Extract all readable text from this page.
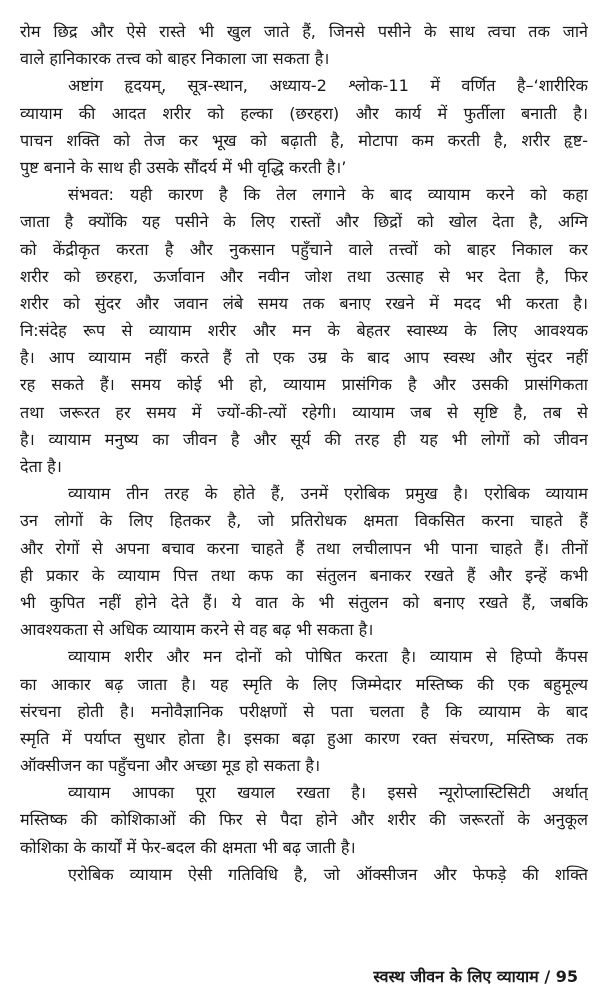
रोम छिद्र और ऐसे रास्ते भी खुल जाते हैं, जिनसे पसीने के साथ त्वचा तक जाने
वाले हानिकारक तत्त्व को बाहर निकाला जा सकता है।
अष्टांग हृदयम्, सूत्र-स्थान, अध्याय-2 श्लोक-11 में वर्णित है–‘शारीरिक
व्यायाम की आदत शरीर को हल्का (छरहरा) और कार्य में फुर्तीला बनाती है।
पाचन शक्ति को तेज कर भूख को बढ़ाती है, मोटापा कम करती है, शरीर हृष्ट-
पुष्ट बनाने के साथ ही उसके सौंदर्य में भी वृद्धि करती है।’
संभवत: यही कारण है कि तेल लगाने के बाद व्यायाम करने को कहा
जाता है क्योंकि यह पसीने के लिए रास्तों और छिद्रों को खोल देता है, अग्नि
को केंद्रीकृत करता है और नुकसान पहुँचाने वाले तत्त्वों को बाहर निकाल कर
शरीर को छरहरा, ऊर्जावान और नवीन जोश तथा उत्साह से भर देता है, फिर
शरीर को सुंदर और जवान लंबे समय तक बनाए रखने में मदद भी करता है।
नि:संदेह रूप से व्यायाम शरीर और मन के बेहतर स्वास्थ्य के लिए आवश्यक
है। आप व्यायाम नहीं करते हैं तो एक उम्र के बाद आप स्वस्थ और सुंदर नहीं
रह सकते हैं। समय कोई भी हो, व्यायाम प्रासंगिक है और उसकी प्रासंगिकता
तथा जरूरत हर समय में ज्यों-की-त्यों रहेगी। व्यायाम जब से सृष्टि है, तब से
है। व्यायाम मनुष्य का जीवन है और सूर्य की तरह ही यह भी लोगों को जीवन
देता है।
व्यायाम तीन तरह के होते हैं, उनमें एरोबिक प्रमुख है। एरोबिक व्यायाम
उन लोगों के लिए हितकर है, जो प्रतिरोधक क्षमता विकसित करना चाहते हैं
और रोगों से अपना बचाव करना चाहते हैं तथा लचीलापन भी पाना चाहते हैं। तीनों
ही प्रकार के व्यायाम पित्त तथा कफ का संतुलन बनाकर रखते हैं और इन्हें कभी
भी कुपित नहीं होने देते हैं। ये वात के भी संतुलन को बनाए रखते हैं, जबकि
आवश्यकता से अधिक व्यायाम करने से वह बढ़ भी सकता है।
व्यायाम शरीर और मन दोनों को पोषित करता है। व्यायाम से हिप्पो कैंपस
का आकार बढ़ जाता है। यह स्मृति के लिए जिम्मेदार मस्तिष्क की एक बहुमूल्य
संरचना होती है। मनोवैज्ञानिक परीक्षणों से पता चलता है कि व्यायाम के बाद
स्मृति में पर्याप्त सुधार होता है। इसका बढ़ा हुआ कारण रक्त संचरण, मस्तिष्क तक
ऑक्सीजन का पहुँचना और अच्छा मूड हो सकता है।
व्यायाम आपका पूरा खयाल रखता है। इससे न्यूरोप्लास्टिसिटी अर्थात्
मस्तिष्क की कोशिकाओं की फिर से पैदा होने और शरीर की जरूरतों के अनुकूल
कोशिका के कार्यों में फेर-बदल की क्षमता भी बढ़ जाती है।
एरोबिक व्यायाम ऐसी गतिविधि है, जो ऑक्सीजन और फेफड़े की शक्ति
स्वस्थ जीवन के लिए व्यायाम / 95
